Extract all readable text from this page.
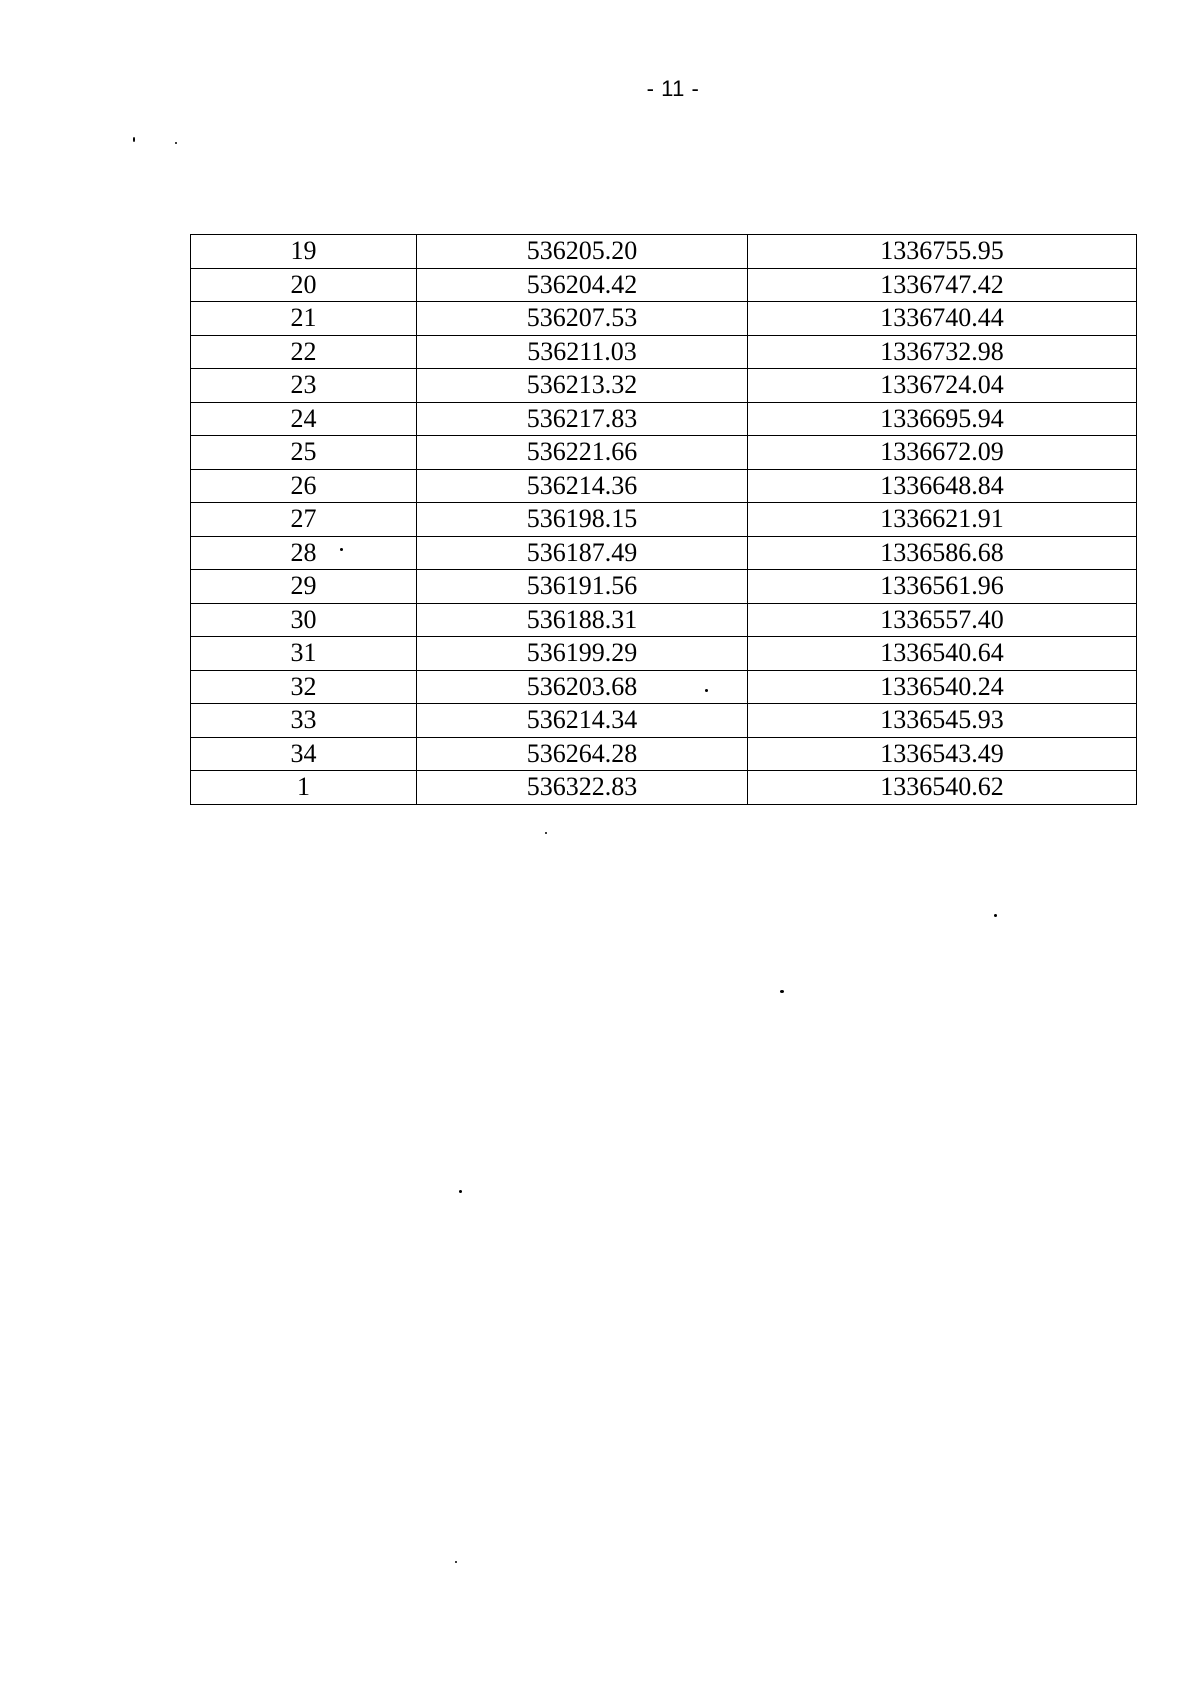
- 11 -
19	536205.20	1336755.95
20	536204.42	1336747.42
21	536207.53	1336740.44
22	536211.03	1336732.98
23	536213.32	1336724.04
24	536217.83	1336695.94
25	536221.66	1336672.09
26	536214.36	1336648.84
27	536198.15	1336621.91
28	536187.49	1336586.68
29	536191.56	1336561.96
30	536188.31	1336557.40
31	536199.29	1336540.64
32	536203.68	1336540.24
33	536214.34	1336545.93
34	536264.28	1336543.49
1	536322.83	1336540.62
